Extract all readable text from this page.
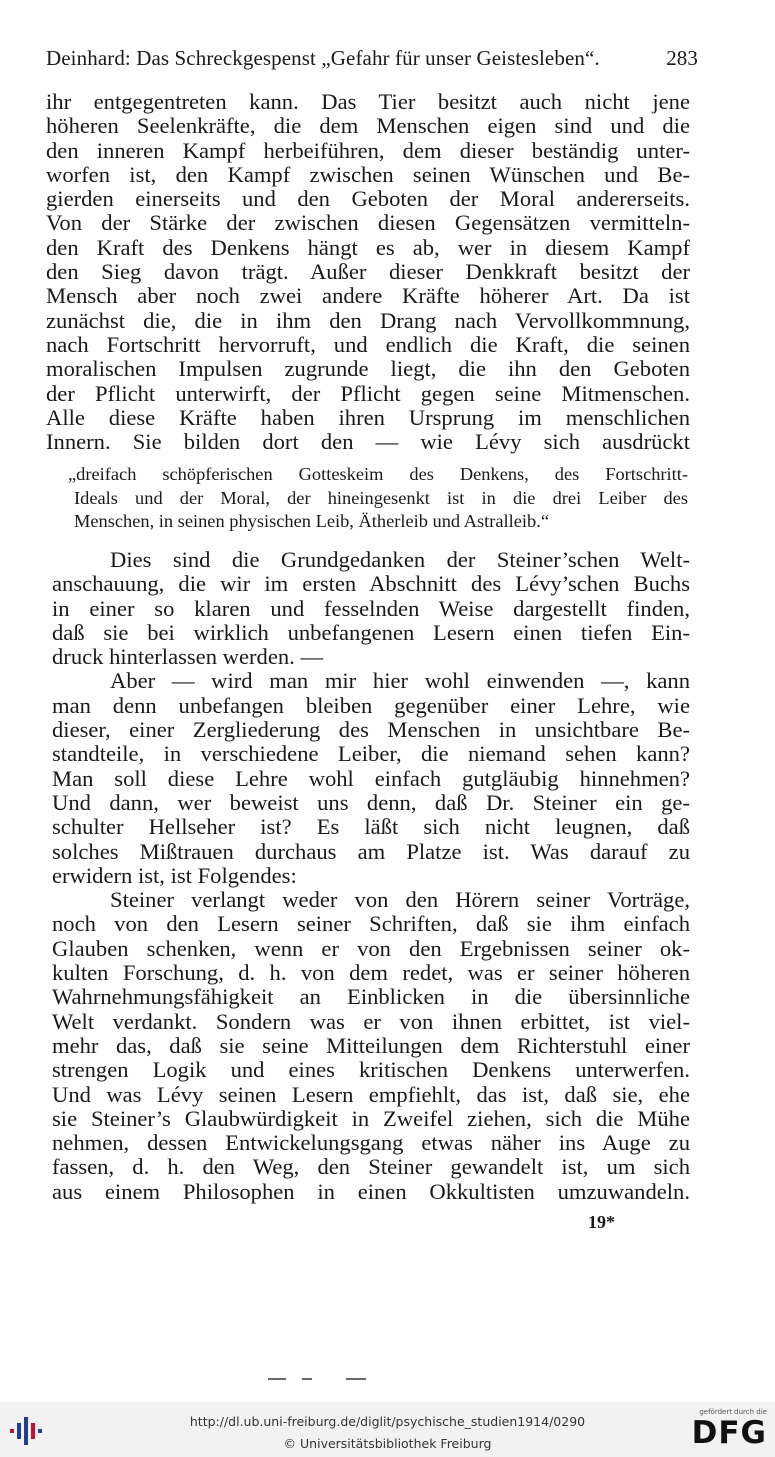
Deinhard: Das Schreckgespenst „Gefahr für unser Geistesleben“.	283
ihr entgegentreten kann. Das Tier besitzt auch nicht jene
höheren Seelenkräfte, die dem Menschen eigen sind und die
den inneren Kampf herbeiführen, dem dieser beständig unter-
worfen ist, den Kampf zwischen seinen Wünschen und Be-
gierden einerseits und den Geboten der Moral andererseits.
Von der Stärke der zwischen diesen Gegensätzen vermitteln-
den Kraft des Denkens hängt es ab, wer in diesem Kampf
den Sieg davon trägt. Außer dieser Denkkraft besitzt der
Mensch aber noch zwei andere Kräfte höherer Art. Da ist
zunächst die, die in ihm den Drang nach Vervollkommnung,
nach Fortschritt hervorruft, und endlich die Kraft, die seinen
moralischen Impulsen zugrunde liegt, die ihn den Geboten
der Pflicht unterwirft, der Pflicht gegen seine Mitmenschen.
Alle diese Kräfte haben ihren Ursprung im menschlichen
Innern. Sie bilden dort den — wie Lévy sich ausdrückt
„dreifach schöpferischen Gotteskeim des Denkens, des Fortschritt-
Ideals und der Moral, der hineingesenkt ist in die drei Leiber des
Menschen, in seinen physischen Leib, Ätherleib und Astralleib.“
Dies sind die Grundgedanken der Steiner’schen Welt-
anschauung, die wir im ersten Abschnitt des Lévy’schen Buchs
in einer so klaren und fesselnden Weise dargestellt finden,
daß sie bei wirklich unbefangenen Lesern einen tiefen Ein-
druck hinterlassen werden. —
Aber — wird man mir hier wohl einwenden —, kann
man denn unbefangen bleiben gegenüber einer Lehre, wie
dieser, einer Zergliederung des Menschen in unsichtbare Be-
standteile, in verschiedene Leiber, die niemand sehen kann?
Man soll diese Lehre wohl einfach gutgläubig hinnehmen?
Und dann, wer beweist uns denn, daß Dr. Steiner ein ge-
schulter Hellseher ist? Es läßt sich nicht leugnen, daß
solches Mißtrauen durchaus am Platze ist. Was darauf zu
erwidern ist, ist Folgendes:
Steiner verlangt weder von den Hörern seiner Vorträge,
noch von den Lesern seiner Schriften, daß sie ihm einfach
Glauben schenken, wenn er von den Ergebnissen seiner ok-
kulten Forschung, d. h. von dem redet, was er seiner höheren
Wahrnehmungsfähigkeit an Einblicken in die übersinnliche
Welt verdankt. Sondern was er von ihnen erbittet, ist viel-
mehr das, daß sie seine Mitteilungen dem Richterstuhl einer
strengen Logik und eines kritischen Denkens unterwerfen.
Und was Lévy seinen Lesern empfiehlt, das ist, daß sie, ehe
sie Steiner’s Glaubwürdigkeit in Zweifel ziehen, sich die Mühe
nehmen, dessen Entwickelungsgang etwas näher ins Auge zu
fassen, d. h. den Weg, den Steiner gewandelt ist, um sich
aus einem Philosophen in einen Okkultisten umzuwandeln.
19*
http://dl.ub.uni-freiburg.de/diglit/psychische_studien1914/0290
© Universitätsbibliothek Freiburg
gefördert durch die
DFG
